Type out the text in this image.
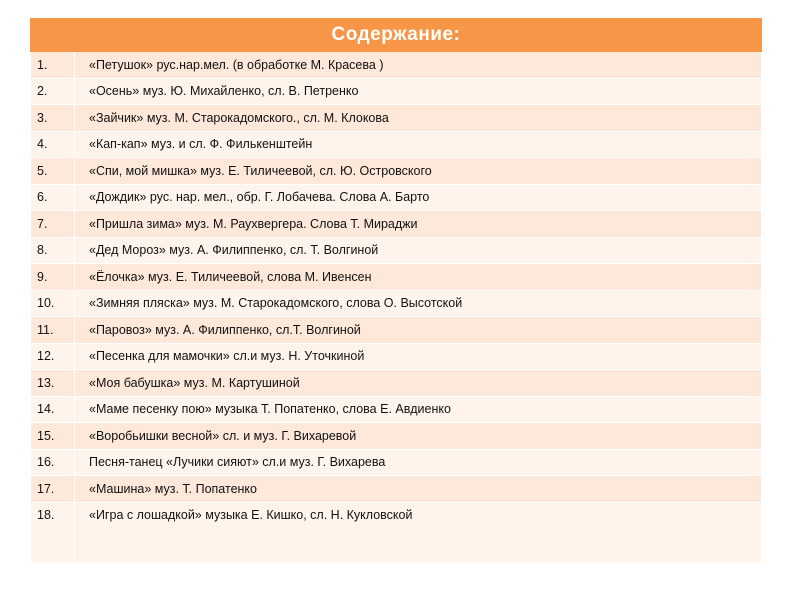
Содержание:	
1.	«Петушок» рус.нар.мел. (в обработке М. Красева )
2.	«Осень» муз. Ю. Михайленко, сл. В. Петренко
3.	«Зайчик» муз. М. Старокадомского., сл. М. Клокова
4.	«Кап-кап» муз. и сл. Ф. Филькенштейн
5.	«Спи, мой мишка» муз. Е. Тиличеевой, сл. Ю. Островского
6.	«Дождик» рус. нар. мел., обр. Г. Лобачева. Слова А. Барто
7.	«Пришла зима» муз. М. Раухвергера. Слова Т. Мираджи
8.	«Дед Мороз» муз. А. Филиппенко, сл. Т. Волгиной
9.	«Ёлочка» муз. Е. Тиличеевой, слова М. Ивенсен
10.	«Зимняя пляска» муз. М. Старокадомского, слова О. Высотской
11.	«Паровоз» муз. А. Филиппенко, сл.Т. Волгиной
12.	«Песенка для мамочки» сл.и муз. Н. Уточкиной
13.	«Моя бабушка» муз. М. Картушиной
14.	«Маме песенку пою» музыка Т. Попатенко, слова Е. Авдиенко
15.	«Воробьишки весной» сл. и муз. Г. Вихаревой
16.	Песня-танец «Лучики сияют» сл.и муз. Г. Вихарева
17.	«Машина» муз. Т. Попатенко
18.	«Игра с лошадкой» музыка Е. Кишко, сл. Н. Кукловской
